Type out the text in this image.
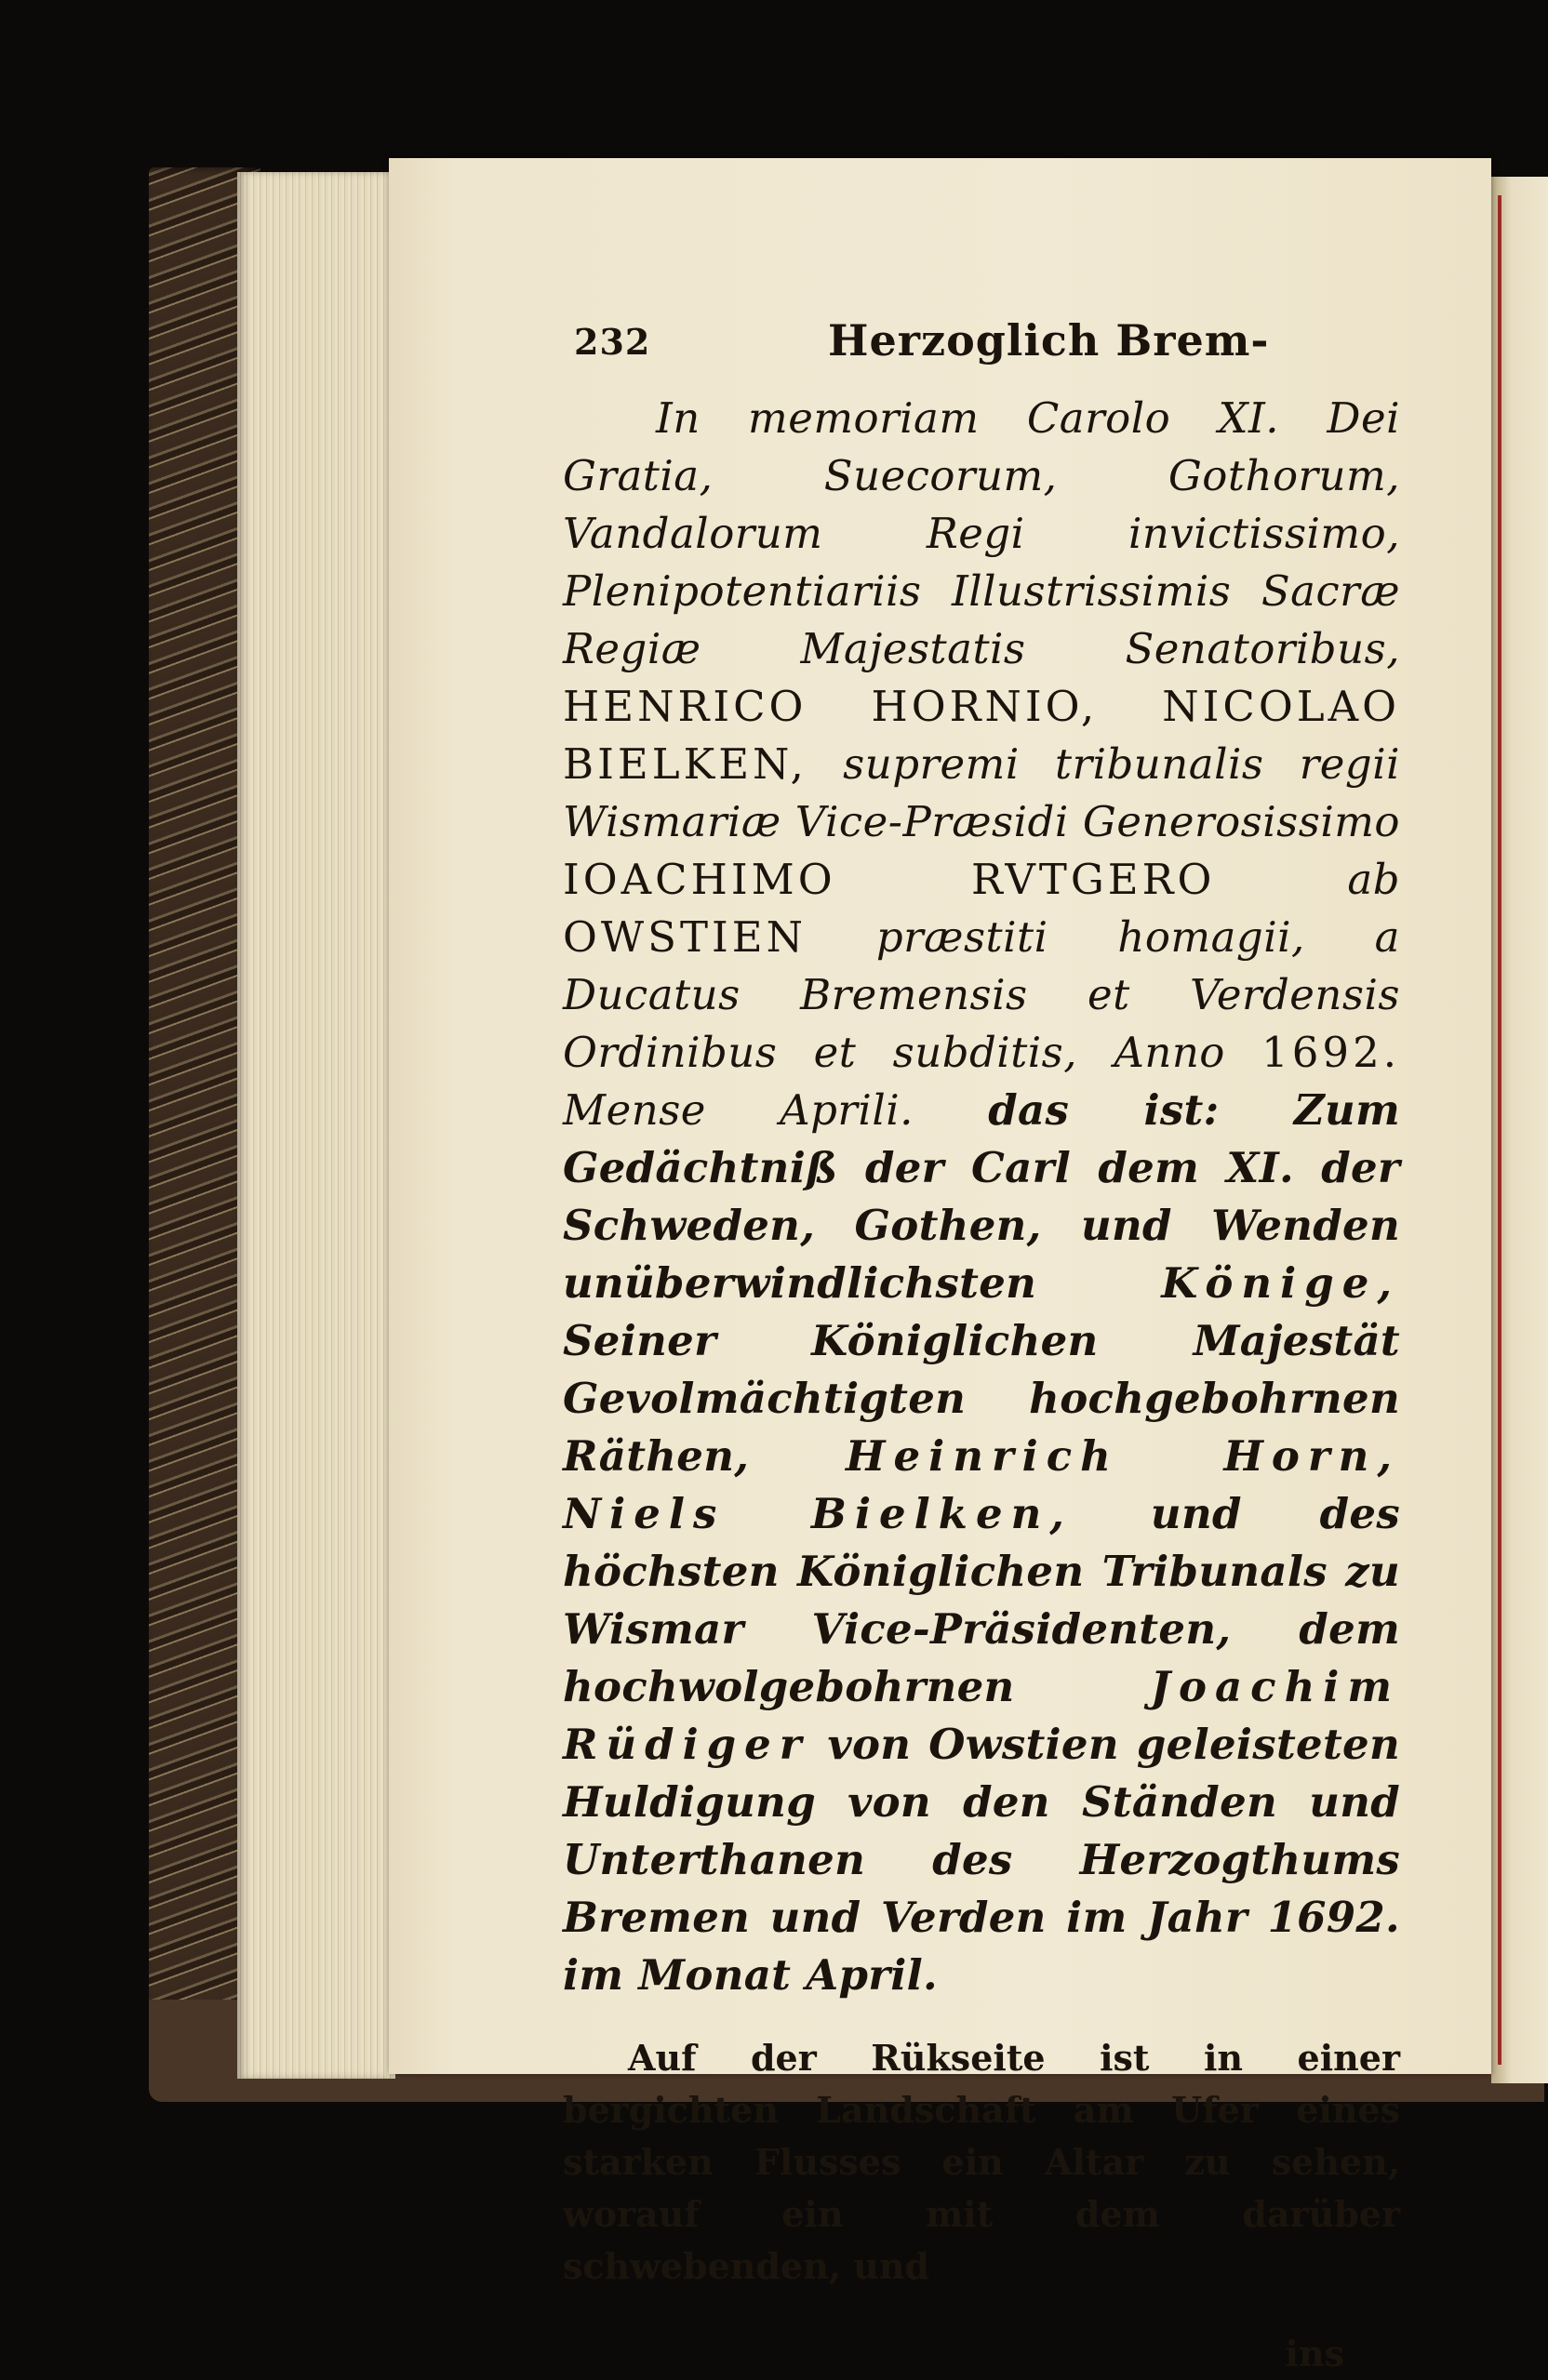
232	Herzoglich Brem-

In memoriam Carolo XI. Dei Gratia, Suecorum, Gothorum, Vandalorum Regi invictissimo, Plenipotentiariis Illustrissimis Sacræ Regiæ Majestatis Senatoribus, HENRICO HORNIO, NICOLAO BIELKEN, supremi tribunalis regii Wismariæ Vice-Præsidi Generosissimo IOACHIMO RVTGERO ab OWSTIEN præstiti homagii, a Ducatus Bremensis et Verdensis Ordinibus et subditis, Anno 1692. Mense Aprili. das ist: Zum Gedächtniß der Carl dem XI. der Schweden, Gothen, und Wenden unüberwindlichsten Könige, Seiner Königlichen Majestät Gevolmächtigten hochgebohrnen Räthen, Heinrich Horn, Niels Bielken, und des höchsten Königlichen Tribunals zu Wismar Vice-Präsidenten, dem hochwolgebohrnen Joachim Rüdiger von Owstien geleisteten Huldigung von den Ständen und Unterthanen des Herzogthums Bremen und Verden im Jahr 1692. im Monat April.

Auf der Rükseite ist in einer bergichten Landschaft am Ufer eines starken Flusses ein Altar zu sehen, worauf ein mit dem darüber schwebenden, und

ins
